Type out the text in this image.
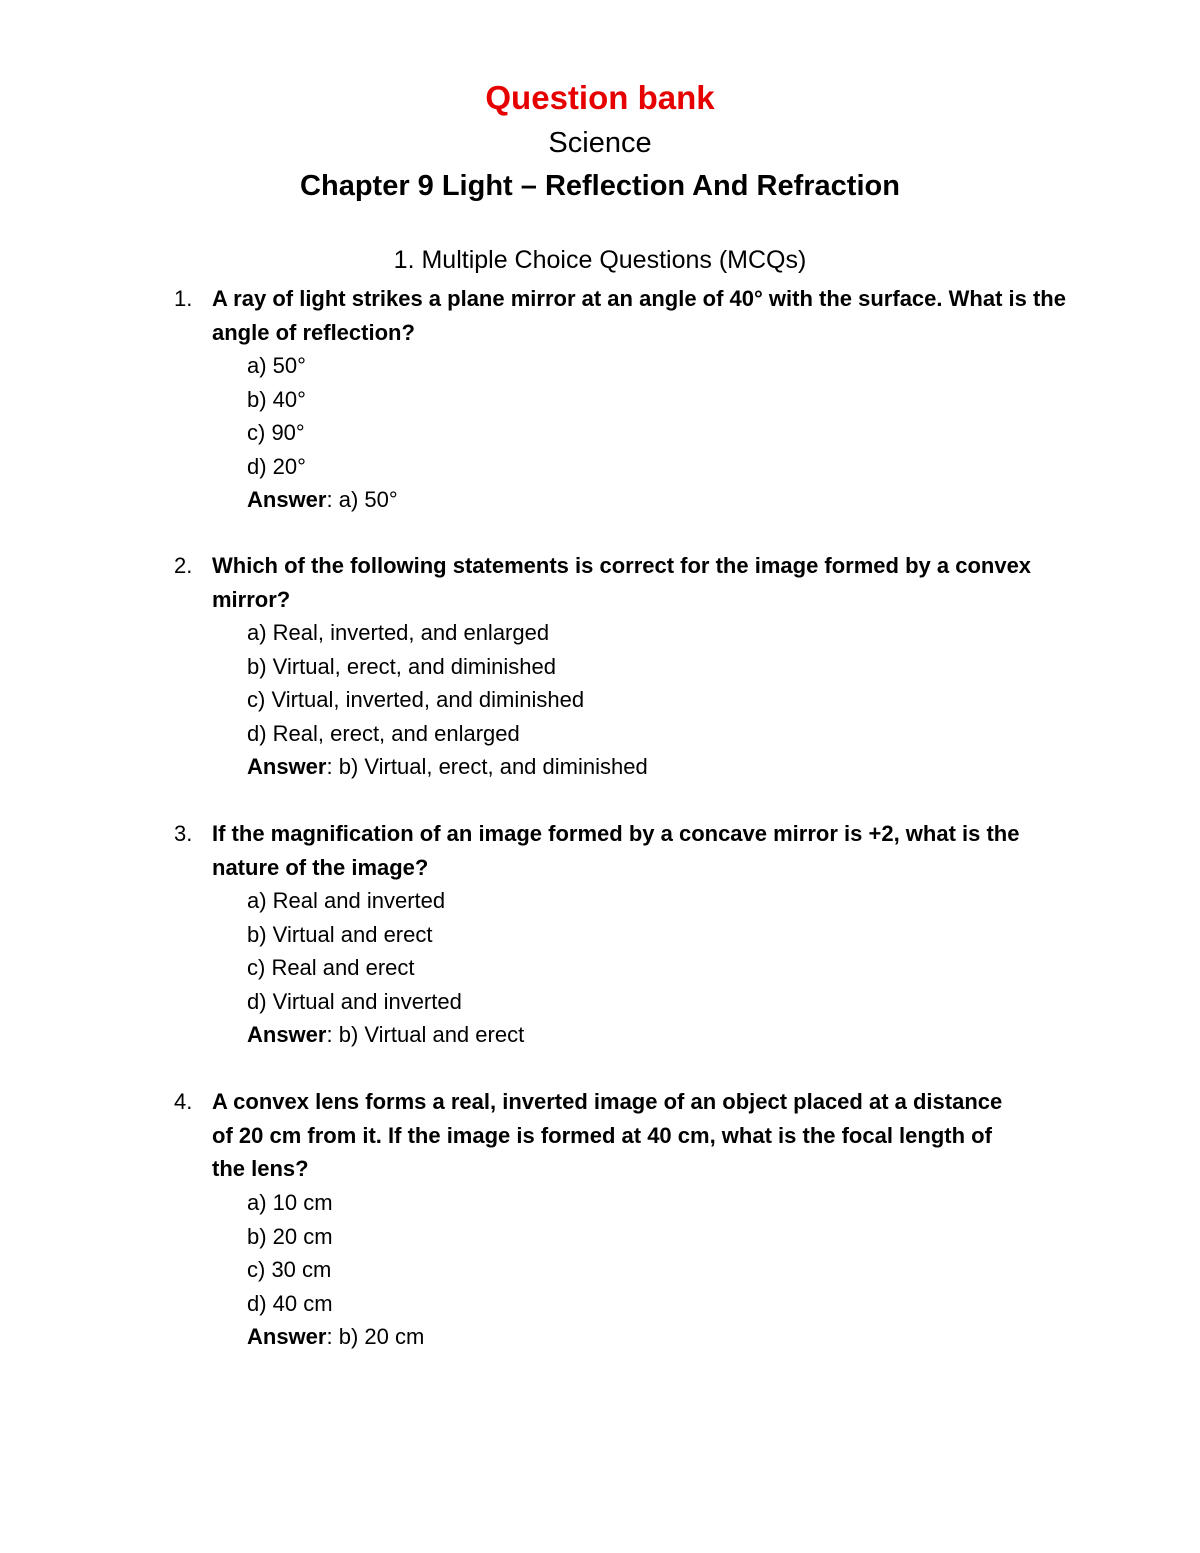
Question bank
Science
Chapter 9 Light – Reflection And Refraction
1. Multiple Choice Questions (MCQs)
1. A ray of light strikes a plane mirror at an angle of 40° with the surface. What is the angle of reflection?
a) 50°
b) 40°
c) 90°
d) 20°
Answer: a) 50°
2. Which of the following statements is correct for the image formed by a convex mirror?
a) Real, inverted, and enlarged
b) Virtual, erect, and diminished
c) Virtual, inverted, and diminished
d) Real, erect, and enlarged
Answer: b) Virtual, erect, and diminished
3. If the magnification of an image formed by a concave mirror is +2, what is the nature of the image?
a) Real and inverted
b) Virtual and erect
c) Real and erect
d) Virtual and inverted
Answer: b) Virtual and erect
4. A convex lens forms a real, inverted image of an object placed at a distance of 20 cm from it. If the image is formed at 40 cm, what is the focal length of the lens?
a) 10 cm
b) 20 cm
c) 30 cm
d) 40 cm
Answer: b) 20 cm
